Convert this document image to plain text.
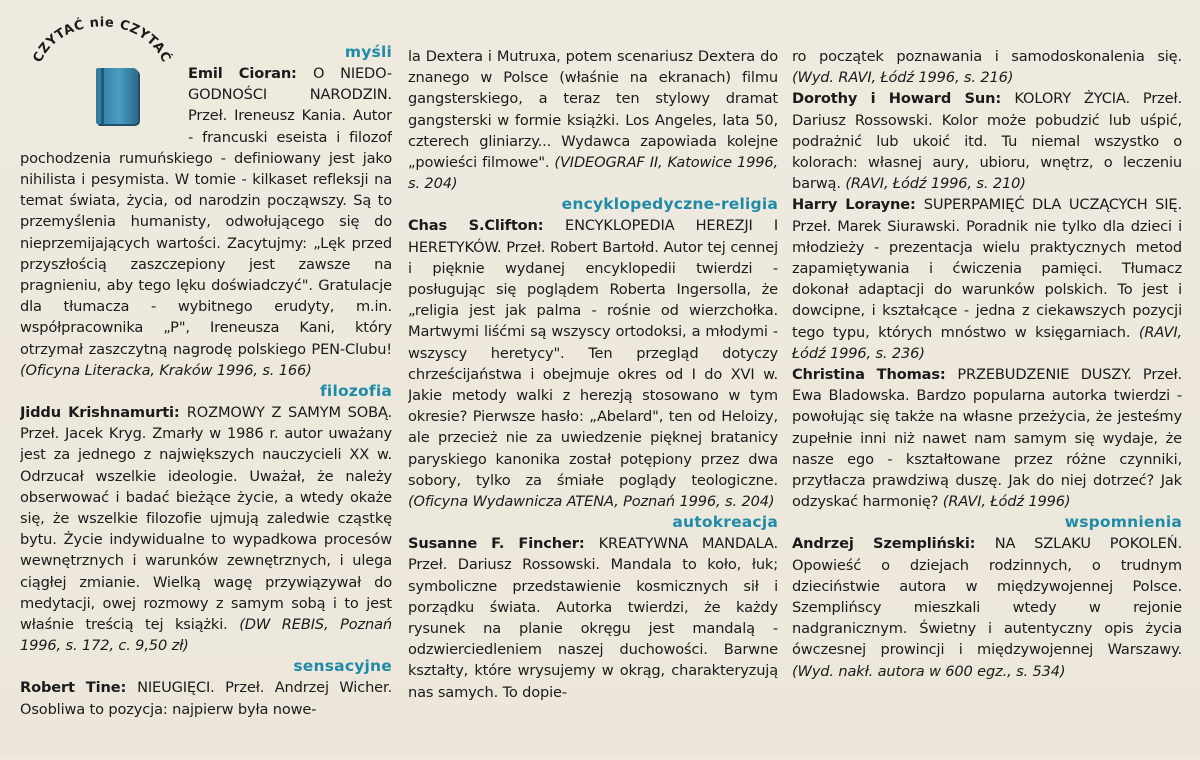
CZYTAĆ nie CZYTAĆ	myśli

Emil Cioran: O NIEDO-GODNOŚCI NARODZIN. Przeł. Ireneusz Kania. Autor - francuski eseista i filozof pochodzenia rumuńskiego - definiowany jest jako nihilista i pesymista. W tomie - kilkaset refleksji na temat świata, życia, od narodzin począwszy. Są to przemyślenia humanisty, odwołującego się do nieprzemijających wartości. Zacytujmy: „Lęk przed przyszłością zaszczepiony jest zawsze na pragnieniu, aby tego lęku doświadczyć". Gratulacje dla tłumacza - wybitnego erudyty, m.in. współpracownika „P", Ireneusza Kani, który otrzymał zaszczytną nagrodę polskiego PEN-Clubu! (Oficyna Literacka, Kraków 1996, s. 166)

filozofia

Jiddu Krishnamurti: ROZMOWY Z SAMYM SOBĄ. Przeł. Jacek Kryg. Zmarły w 1986 r. autor uważany jest za jednego z największych nauczycieli XX w. Odrzucał wszelkie ideologie. Uważał, że należy obserwować i badać bieżące życie, a wtedy okaże się, że wszelkie filozofie ujmują zaledwie cząstkę bytu. Życie indywidualne to wypadkowa procesów wewnętrznych i warunków zewnętrznych, i ulega ciągłej zmianie. Wielką wagę przywiązywał do medytacji, owej rozmowy z samym sobą i to jest właśnie treścią tej książki. (DW REBIS, Poznań 1996, s. 172, c. 9,50 zł)

sensacyjne

Robert Tine: NIEUGIĘCI. Przeł. Andrzej Wicher. Osobliwa to pozycja: najpierw była nowe-

la Dextera i Mutruxa, potem scenariusz Dextera do znanego w Polsce (właśnie na ekranach) filmu gangsterskiego, a teraz ten stylowy dramat gangsterski w formie książki. Los Angeles, lata 50, czterech gliniarzy... Wydawca zapowiada kolejne „powieści filmowe". (VIDEOGRAF II, Katowice 1996, s. 204)

encyklopedyczne-religia

Chas S.Clifton: ENCYKLOPEDIA HEREZJI I HERETYKÓW. Przeł. Robert Bartołd. Autor tej cennej i pięknie wydanej encyklopedii twierdzi - posługując się poglądem Roberta Ingersolla, że „religia jest jak palma - rośnie od wierzchołka. Martwymi liśćmi są wszyscy ortodoksi, a młodymi - wszyscy heretycy". Ten przegląd dotyczy chrześcijaństwa i obejmuje okres od I do XVI w. Jakie metody walki z herezją stosowano w tym okresie? Pierwsze hasło: „Abelard", ten od Heloizy, ale przecież nie za uwiedzenie pięknej bratanicy paryskiego kanonika został potępiony przez dwa sobory, tylko za śmiałe poglądy teologiczne. (Oficyna Wydawnicza ATENA, Poznań 1996, s. 204)

autokreacja

Susanne F. Fincher: KREATYWNA MANDALA. Przeł. Dariusz Rossowski. Mandala to koło, łuk; symboliczne przedstawienie kosmicznych sił i porządku świata. Autorka twierdzi, że każdy rysunek na planie okręgu jest mandalą - odzwierciedleniem naszej duchowości. Barwne kształty, które wrysujemy w okrąg, charakteryzują nas samych. To dopie-

ro początek poznawania i samodoskonalenia się. (Wyd. RAVI, Łódź 1996, s. 216)

Dorothy i Howard Sun: KOLORY ŻYCIA. Przeł. Dariusz Rossowski. Kolor może pobudzić lub uśpić, podrażnić lub ukoić itd. Tu niemal wszystko o kolorach: własnej aury, ubioru, wnętrz, o leczeniu barwą. (RAVI, Łódź 1996, s. 210)

Harry Lorayne: SUPERPAMIĘĆ DLA UCZĄCYCH SIĘ. Przeł. Marek Siurawski. Poradnik nie tylko dla dzieci i młodzieży - prezentacja wielu praktycznych metod zapamiętywania i ćwiczenia pamięci. Tłumacz dokonał adaptacji do warunków polskich. To jest i dowcipne, i kształcące - jedna z ciekawszych pozycji tego typu, których mnóstwo w księgarniach. (RAVI, Łódź 1996, s. 236)

Christina Thomas: PRZEBUDZENIE DUSZY. Przeł. Ewa Bladowska. Bardzo popularna autorka twierdzi - powołując się także na własne przeżycia, że jesteśmy zupełnie inni niż nawet nam samym się wydaje, że nasze ego - kształtowane przez różne czynniki, przytłacza prawdziwą duszę. Jak do niej dotrzeć? Jak odzyskać harmonię? (RAVI, Łódź 1996)

wspomnienia

Andrzej Szempliński: NA SZLAKU POKOLEŃ. Opowieść o dziejach rodzinnych, o trudnym dzieciństwie autora w międzywojennej Polsce. Szemplińscy mieszkali wtedy w rejonie nadgranicznym. Świetny i autentyczny opis życia ówczesnej prowincji i międzywojennej Warszawy. (Wyd. nakł. autora w 600 egz., s. 534)
